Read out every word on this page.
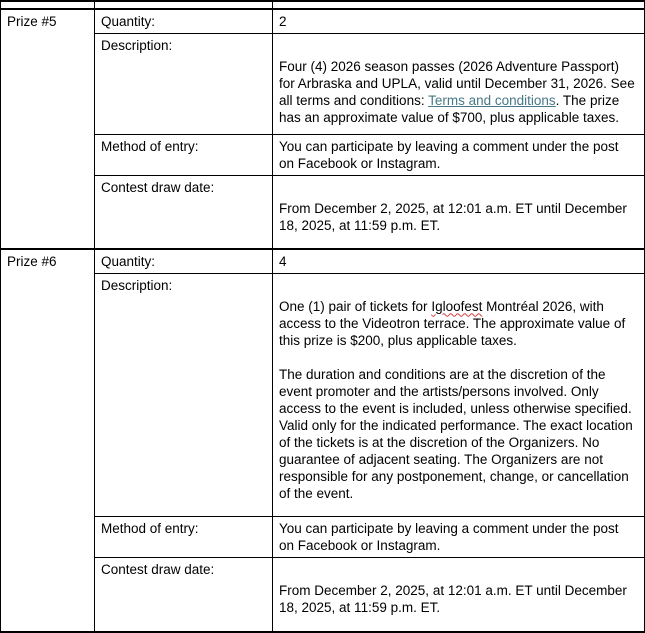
Prize #5	Quantity:	2
	Description:	Four (4) 2026 season passes (2026 Adventure Passport) for Arbraska and UPLA, valid until December 31, 2026. See all terms and conditions: Terms and conditions. The prize has an approximate value of $700, plus applicable taxes.
	Method of entry:	You can participate by leaving a comment under the post on Facebook or Instagram.
	Contest draw date:	From December 2, 2025, at 12:01 a.m. ET until December 18, 2025, at 11:59 p.m. ET.
Prize #6	Quantity:	4
	Description:	One (1) pair of tickets for Igloofest Montréal 2026, with access to the Videotron terrace. The approximate value of this prize is $200, plus applicable taxes.
The duration and conditions are at the discretion of the event promoter and the artists/persons involved. Only access to the event is included, unless otherwise specified. Valid only for the indicated performance. The exact location of the tickets is at the discretion of the Organizers. No guarantee of adjacent seating. The Organizers are not responsible for any postponement, change, or cancellation of the event.

	Method of entry:	You can participate by leaving a comment under the post on Facebook or Instagram.
	Contest draw date:	From December 2, 2025, at 12:01 a.m. ET until December 18, 2025, at 11:59 p.m. ET.
